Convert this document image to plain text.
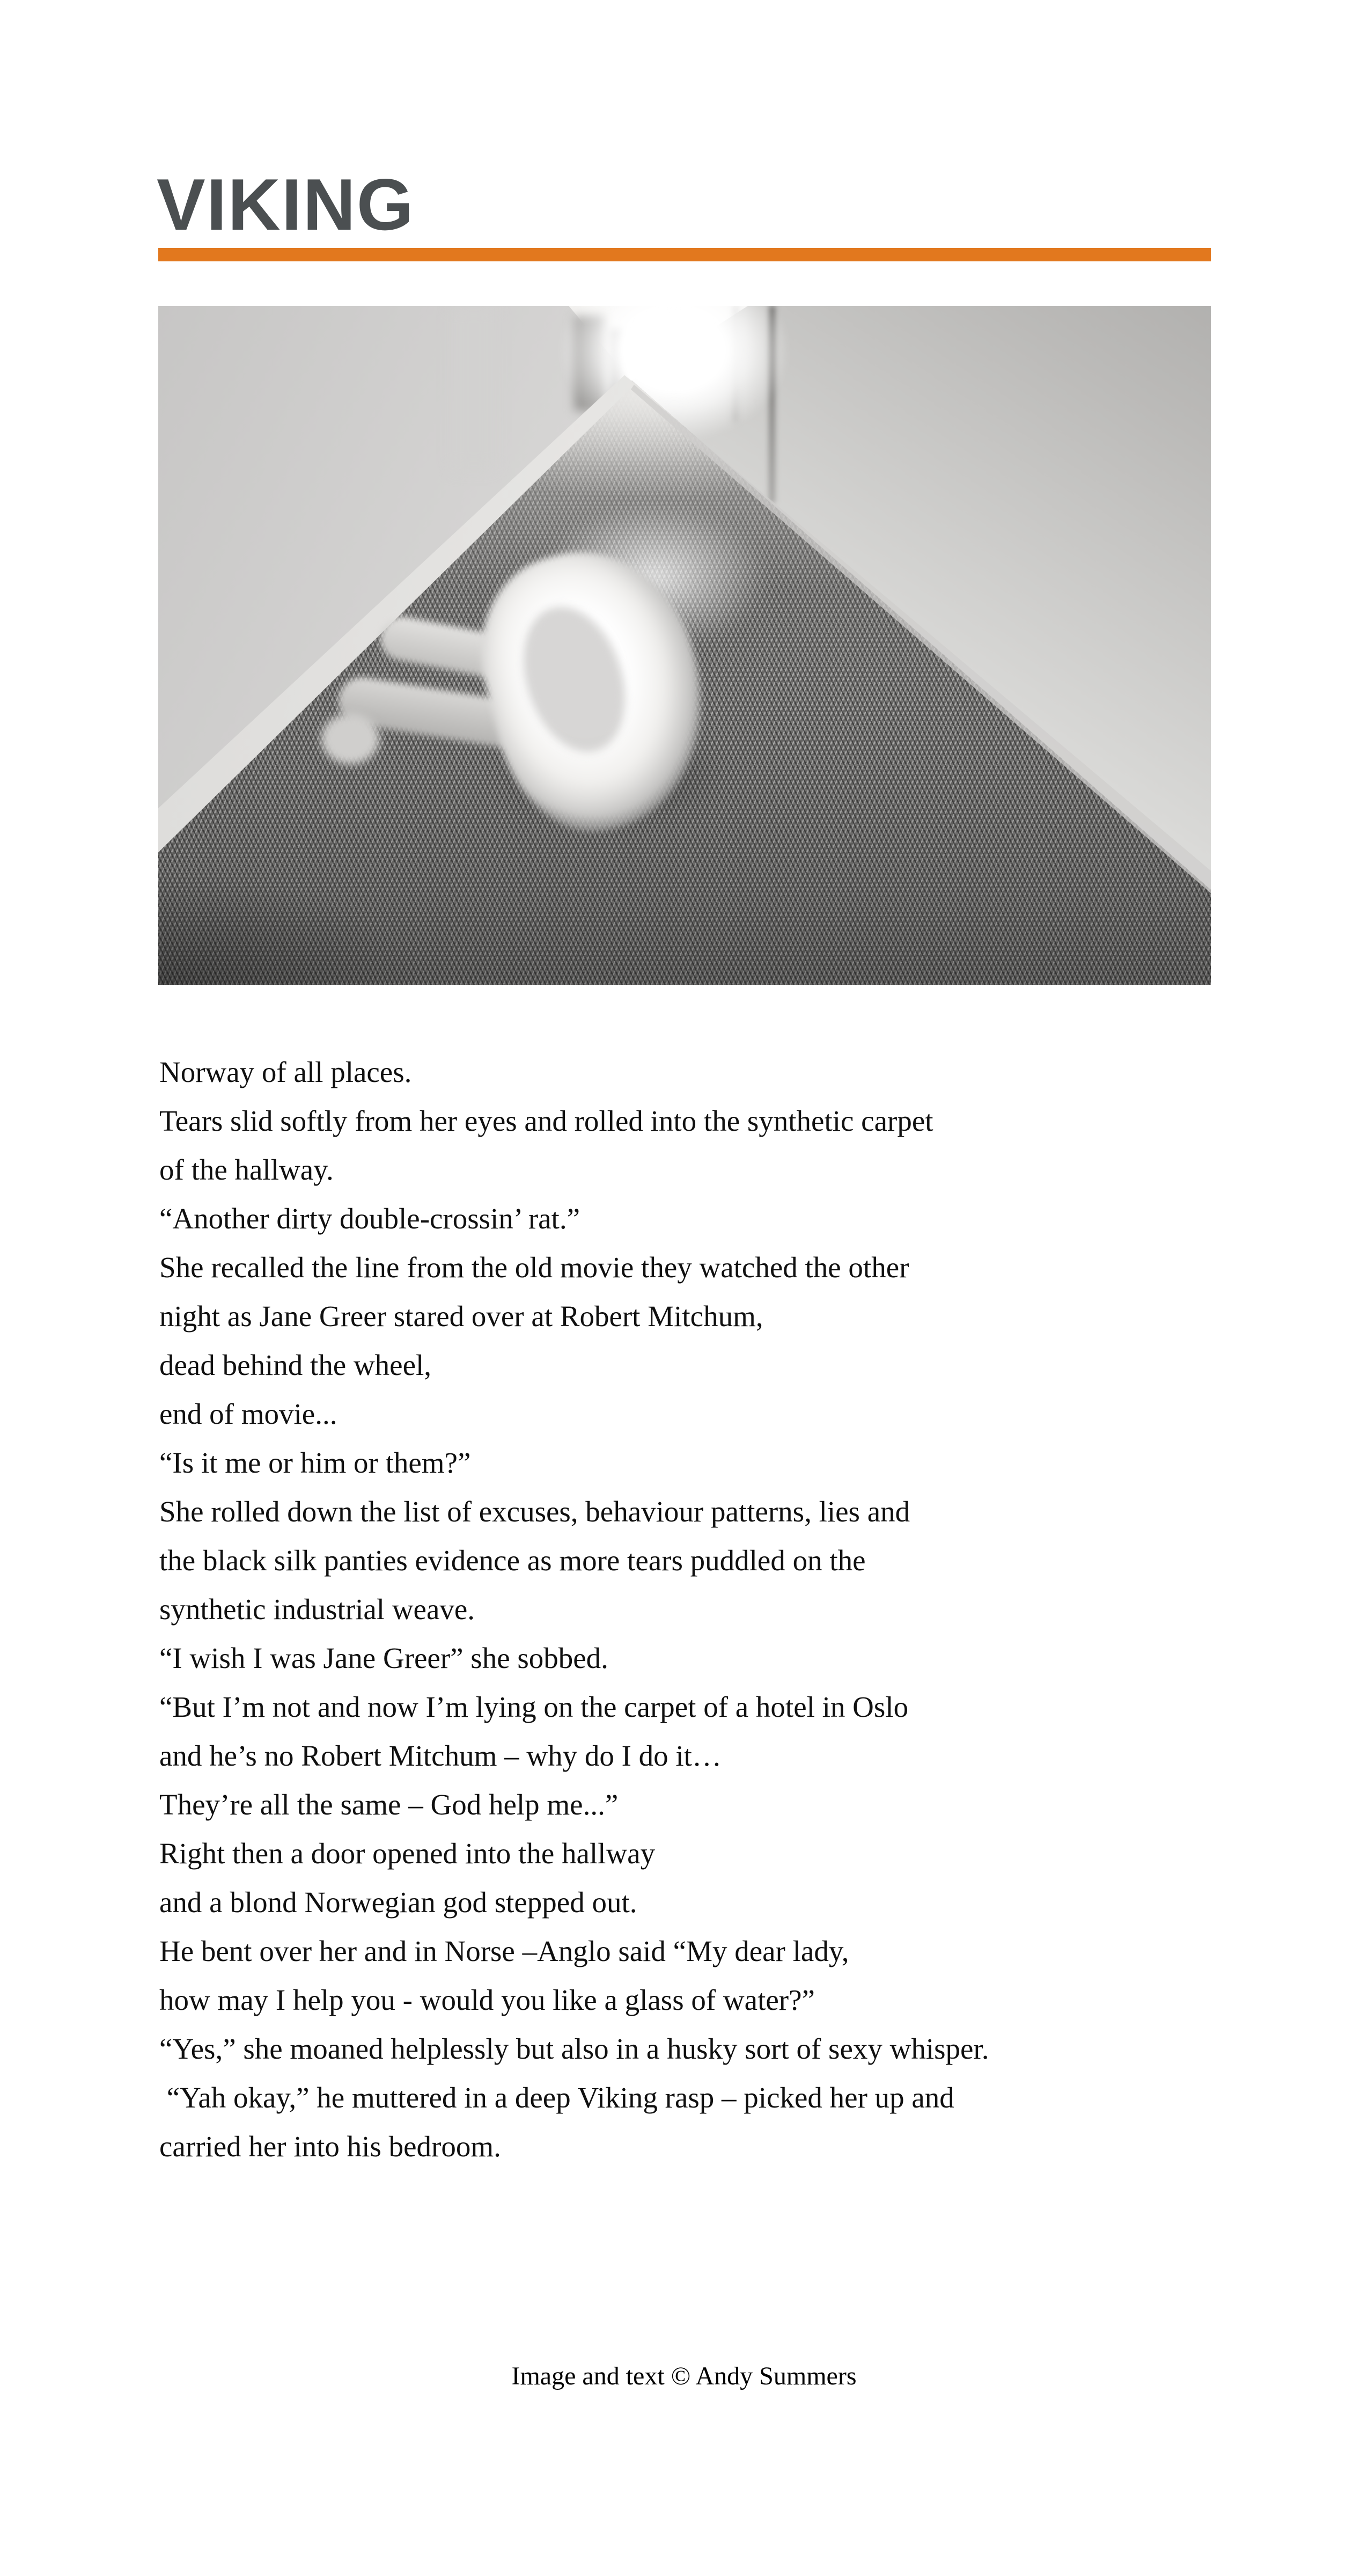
VIKING
Norway of all places.
Tears slid softly from her eyes and rolled into the synthetic carpet
of the hallway.
“Another dirty double-crossin’ rat.”
She recalled the line from the old movie they watched the other
night as Jane Greer stared over at Robert Mitchum,
dead behind the wheel,
end of movie...
“Is it me or him or them?”
She rolled down the list of excuses, behaviour patterns, lies and
the black silk panties evidence as more tears puddled on the
synthetic industrial weave.
“I wish I was Jane Greer” she sobbed.
“But I’m not and now I’m lying on the carpet of a hotel in Oslo
and he’s no Robert Mitchum – why do I do it…
They’re all the same – God help me...”
Right then a door opened into the hallway
and a blond Norwegian god stepped out.
He bent over her and in Norse –Anglo said “My dear lady,
how may I help you - would you like a glass of water?”
“Yes,” she moaned helplessly but also in a husky sort of sexy whisper.
“Yah okay,” he muttered in a deep Viking rasp – picked her up and
carried her into his bedroom.
Image and text © Andy Summers
